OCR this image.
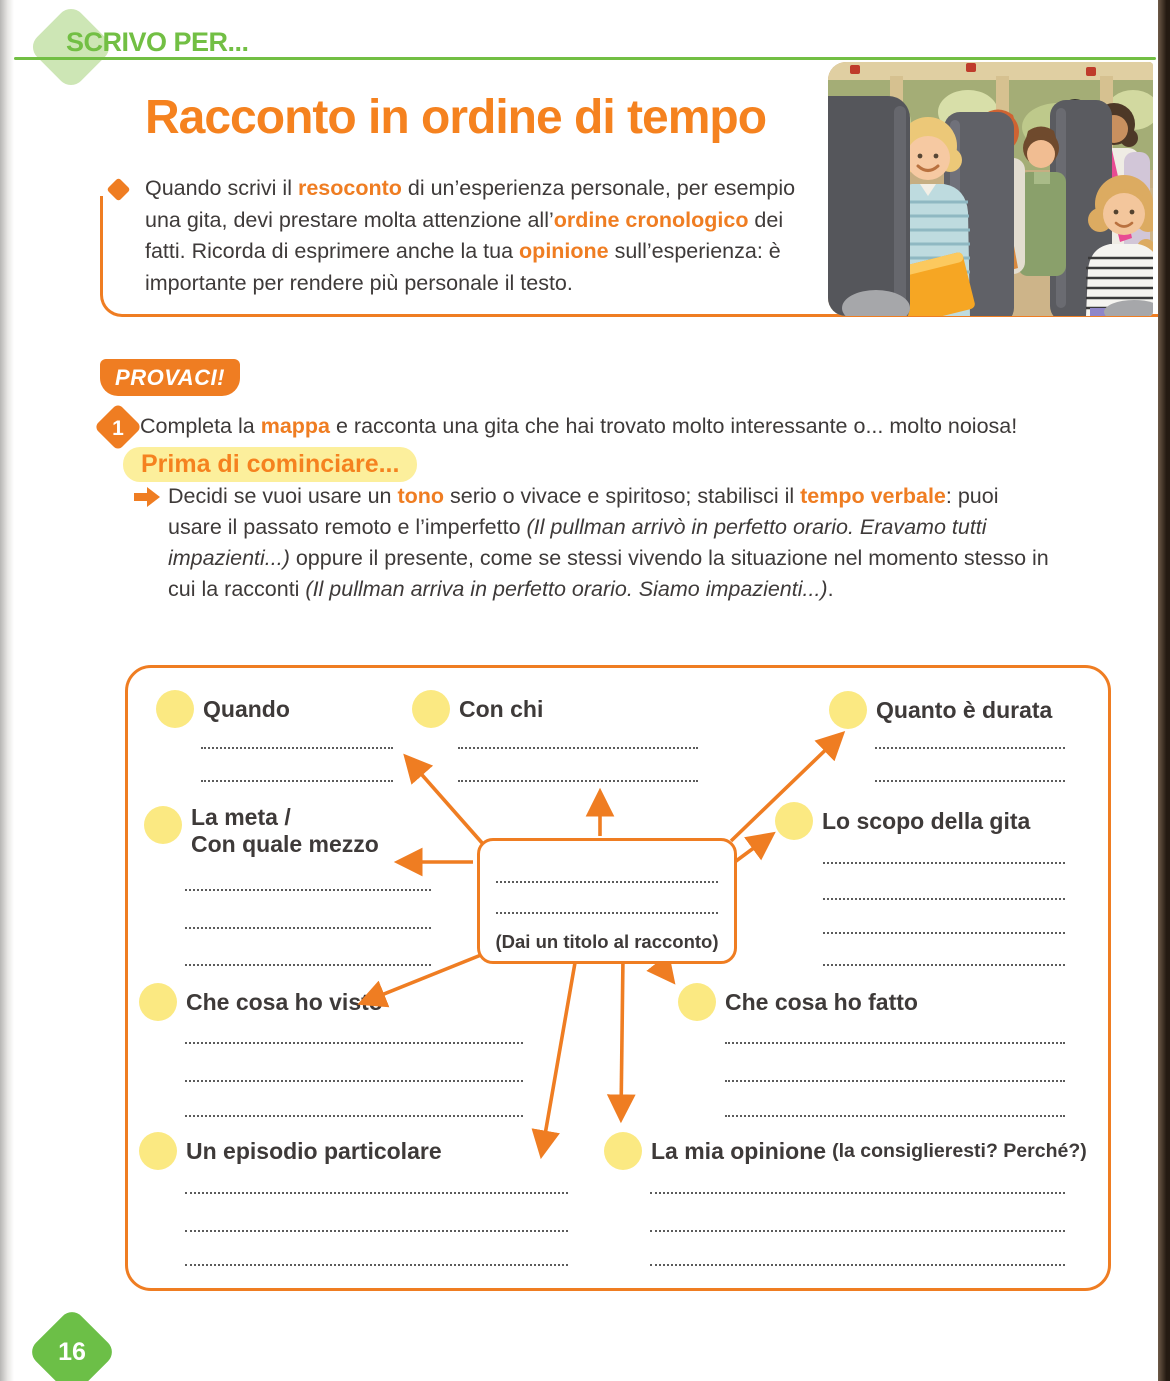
SCRIVO PER...
Racconto in ordine di tempo
Quando scrivi il resoconto di un’esperienza personale, per esempio una gita, devi prestare molta attenzione all’ordine cronologico dei fatti. Ricorda di esprimere anche la tua opinione sull’esperienza: è importante per rendere più personale il testo.
PROVACI!
1 Completa la mappa e racconta una gita che hai trovato molto interessante o... molto noiosa!
Prima di cominciare...
Decidi se vuoi usare un tono serio o vivace e spiritoso; stabilisci il tempo verbale: puoi usare il passato remoto e l’imperfetto (Il pullman arrivò in perfetto orario. Eravamo tutti impazienti...) oppure il presente, come se stessi vivendo la situazione nel momento stesso in cui la racconti (Il pullman arriva in perfetto orario. Siamo impazienti...).
(Dai un titolo al racconto)
Quando	Con chi	Quanto è durata
La meta /
Con quale mezzo
Lo scopo della gita
Che cosa ho visto	Che cosa ho fatto
Un episodio particolare	La mia opinione (la consiglieresti? Perché?)
16
